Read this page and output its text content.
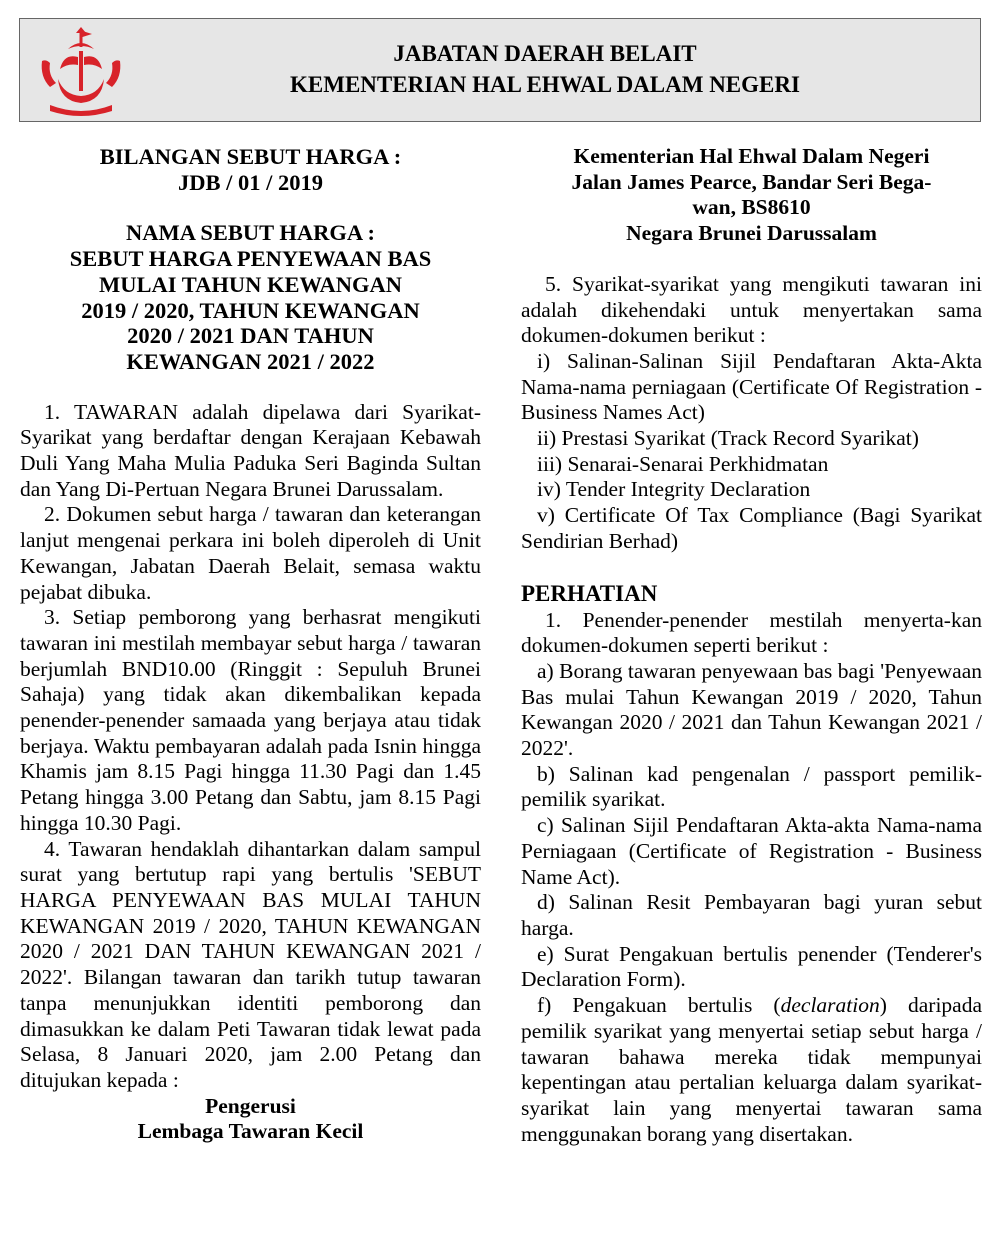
JABATAN DAERAH BELAIT
KEMENTERIAN HAL EHWAL DALAM NEGERI

BILANGAN SEBUT HARGA :

JDB / 01 / 2019

NAMA SEBUT HARGA :

SEBUT HARGA PENYEWAAN BAS

MULAI TAHUN KEWANGAN

2019 / 2020, TAHUN KEWANGAN

2020 / 2021 DAN TAHUN

KEWANGAN 2021 / 2022

1. TAWARAN adalah dipelawa dari Syarikat-Syarikat yang berdaftar dengan Kerajaan Kebawah Duli Yang Maha Mulia Paduka Seri Baginda Sultan dan Yang Di-Pertuan Negara Brunei Darussalam.

2. Dokumen sebut harga / tawaran dan keterangan lanjut mengenai perkara ini boleh diperoleh di Unit Kewangan, Jabatan Daerah Belait, semasa waktu pejabat dibuka.

3. Setiap pemborong yang berhasrat mengikuti tawaran ini mestilah membayar sebut harga / tawaran berjumlah BND10.00 (Ringgit : Sepuluh Brunei Sahaja) yang tidak akan dikembalikan kepada penender-penender samaada yang berjaya atau tidak berjaya. Waktu pembayaran adalah pada Isnin hingga Khamis jam 8.15 Pagi hingga 11.30 Pagi dan 1.45 Petang hingga 3.00 Petang dan Sabtu, jam 8.15 Pagi hingga 10.30 Pagi.

4. Tawaran hendaklah dihantarkan dalam sampul surat yang bertutup rapi yang bertulis 'SEBUT HARGA PENYEWAAN BAS MULAI TAHUN KEWANGAN 2019 / 2020, TAHUN KEWANGAN 2020 / 2021 DAN TAHUN KEWANGAN 2021 / 2022'. Bilangan tawaran dan tarikh tutup tawaran tanpa menunjukkan identiti pemborong dan dimasukkan ke dalam Peti Tawaran tidak lewat pada Selasa, 8 Januari 2020, jam 2.00 Petang dan ditujukan kepada :

Pengerusi

Lembaga Tawaran Kecil

Kementerian Hal Ehwal Dalam Negeri

Jalan James Pearce, Bandar Seri Bega-

wan, BS8610

Negara Brunei Darussalam

5. Syarikat-syarikat yang mengikuti tawaran ini adalah dikehendaki untuk menyertakan sama dokumen-dokumen berikut :

i) Salinan-Salinan Sijil Pendaftaran Akta-Akta Nama-nama perniagaan (Certificate Of Registration - Business Names Act)

ii) Prestasi Syarikat (Track Record Syarikat)

iii) Senarai-Senarai Perkhidmatan

iv) Tender Integrity Declaration

v) Certificate Of Tax Compliance (Bagi Syarikat Sendirian Berhad)

PERHATIAN

1. Penender-penender mestilah menyerta-kan dokumen-dokumen seperti berikut :

a) Borang tawaran penyewaan bas bagi 'Penyewaan Bas mulai Tahun Kewangan 2019 / 2020, Tahun Kewangan 2020 / 2021 dan Tahun Kewangan 2021 / 2022'.

b) Salinan kad pengenalan / passport pemilik-pemilik syarikat.

c) Salinan Sijil Pendaftaran Akta-akta Nama-nama Perniagaan (Certificate of Registration - Business Name Act).

d) Salinan Resit Pembayaran bagi yuran sebut harga.

e) Surat Pengakuan bertulis penender (Tenderer's Declaration Form).

f) Pengakuan bertulis (declaration) daripada pemilik syarikat yang menyertai setiap sebut harga / tawaran bahawa mereka tidak mempunyai kepentingan atau pertalian keluarga dalam syarikat-syarikat lain yang menyertai tawaran sama menggunakan borang yang disertakan.
